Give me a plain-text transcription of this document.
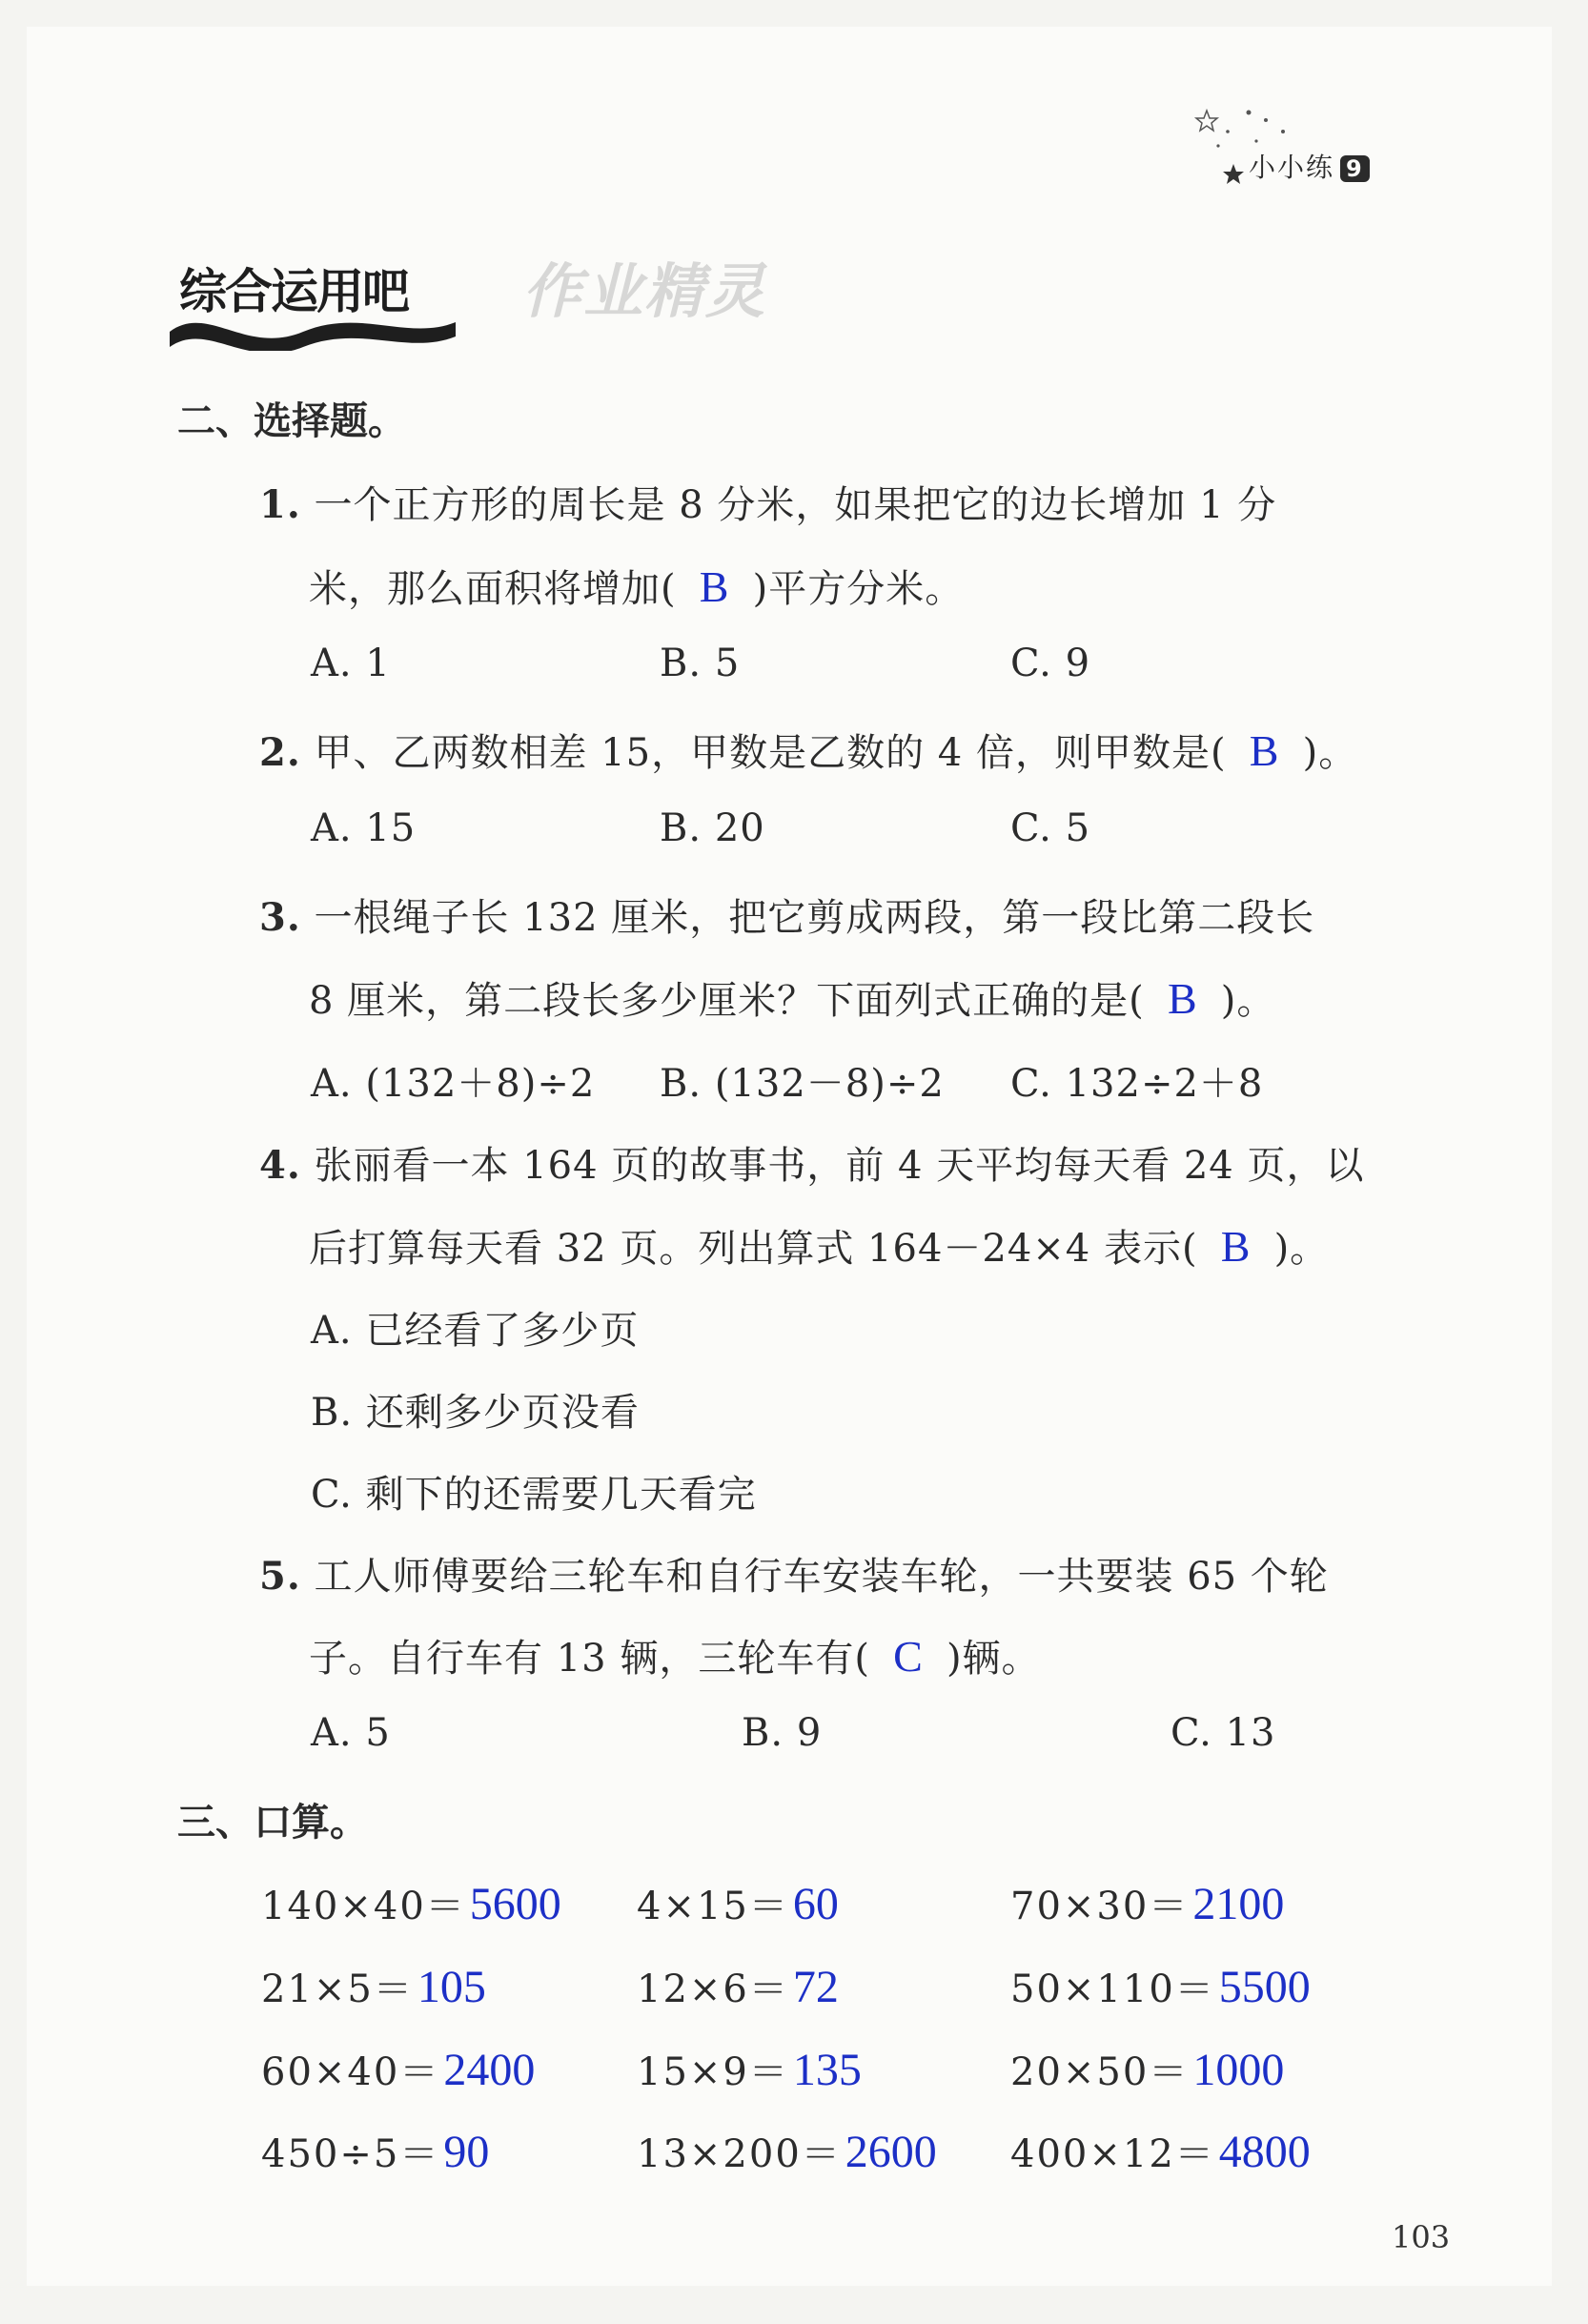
小小练 9
综合运用吧 作业精灵
二、选择题。
1. 一个正方形的周长是 8 分米，如果把它的边长增加 1 分
米，那么面积将增加( B )平方分米。
A. 1	B. 5	C. 9
2. 甲、乙两数相差 15，甲数是乙数的 4 倍，则甲数是( B )。
A. 15	B. 20	C. 5
3. 一根绳子长 132 厘米，把它剪成两段，第一段比第二段长
8 厘米，第二段长多少厘米？下面列式正确的是( B )。
A. (132＋8)÷2 B. (132－8)÷2 C. 132÷2＋8
4. 张丽看一本 164 页的故事书，前 4 天平均每天看 24 页，以
后打算每天看 32 页。列出算式 164－24×4 表示( B )。
A. 已经看了多少页
B. 还剩多少页没看
C. 剩下的还需要几天看完
5. 工人师傅要给三轮车和自行车安装车轮，一共要装 65 个轮
子。自行车有 13 辆，三轮车有( C )辆。
A. 5	B. 9	C. 13
三、口算。
140×40＝5600 4×15＝60	70×30＝2100
21×5＝105	12×6＝72	50×110＝5500
60×40＝2400	15×9＝135	20×50＝1000
450÷5＝90	13×200＝2600 400×12＝4800
103
